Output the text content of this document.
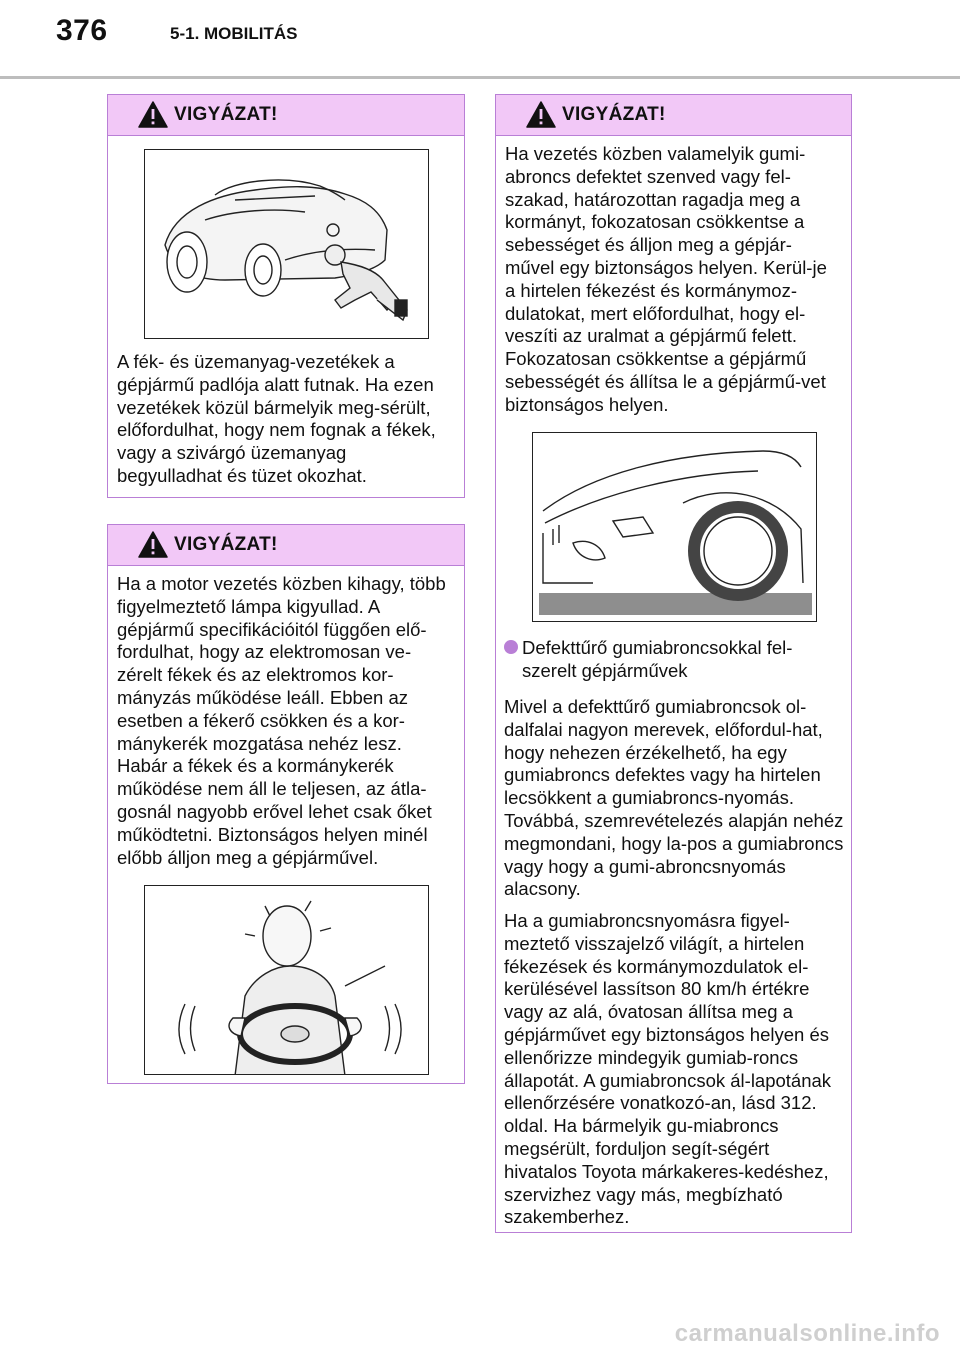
376	5-1. MOBILITÁS
VIGYÁZAT!
A fék- és üzemanyag-vezetékek a gépjármű padlója alatt futnak. Ha ezen vezetékek közül bármelyik meg-sérült, előfordulhat, hogy nem fognak a fékek, vagy a szivárgó üzemanyag begyulladhat és tüzet okozhat.
VIGYÁZAT!
Ha a motor vezetés közben kihagy, több figyelmeztető lámpa kigyullad. A gépjármű specifikációitól függően elő-fordulhat, hogy az elektromosan ve-zérelt fékek és az elektromos kor-mányzás működése leáll. Ebben az esetben a fékerő csökken és a kor-mánykerék mozgatása nehéz lesz. Habár a fékek és a kormánykerék működése nem áll le teljesen, az átla-gosnál nagyobb erővel lehet csak őket működtetni. Biztonságos helyen minél előbb álljon meg a gépjárművel.
VIGYÁZAT!
Ha vezetés közben valamelyik gumi-abroncs defektet szenved vagy fel-szakad, határozottan ragadja meg a kormányt, fokozatosan csökkentse a sebességet és álljon meg a gépjár-művel egy biztonságos helyen. Kerül-je a hirtelen fékezést és kormánymoz-dulatokat, mert előfordulhat, hogy el-veszíti az uralmat a gépjármű felett. Fokozatosan csökkentse a gépjármű sebességét és állítsa le a gépjármű-vet biztonságos helyen.
Defekttűrő gumiabroncsokkal fel-szerelt gépjárművek
Mivel a defekttűrő gumiabroncsok ol-dalfalai nagyon merevek, előfordul-hat, hogy nehezen érzékelhető, ha egy gumiabroncs defektes vagy ha hirtelen lecsökkent a gumiabroncs-nyomás. Továbbá, szemrevételezés alapján nehéz megmondani, hogy la-pos a gumiabroncs vagy hogy a gumi-abroncsnyomás alacsony.
Ha a gumiabroncsnyomásra figyel-meztető visszajelző világít, a hirtelen fékezések és kormánymozdulatok el-kerülésével lassítson 80 km/h értékre vagy az alá, óvatosan állítsa meg a gépjárművet egy biztonságos helyen és ellenőrizze mindegyik gumiab-roncs állapotát. A gumiabroncsok ál-lapotának ellenőrzésére vonatkozó-an, lásd 312. oldal. Ha bármelyik gu-miabroncs megsérült, forduljon segít-ségért hivatalos Toyota márkakeres-kedéshez, szervizhez vagy más, megbízható szakemberhez.
carmanualsonline.info
